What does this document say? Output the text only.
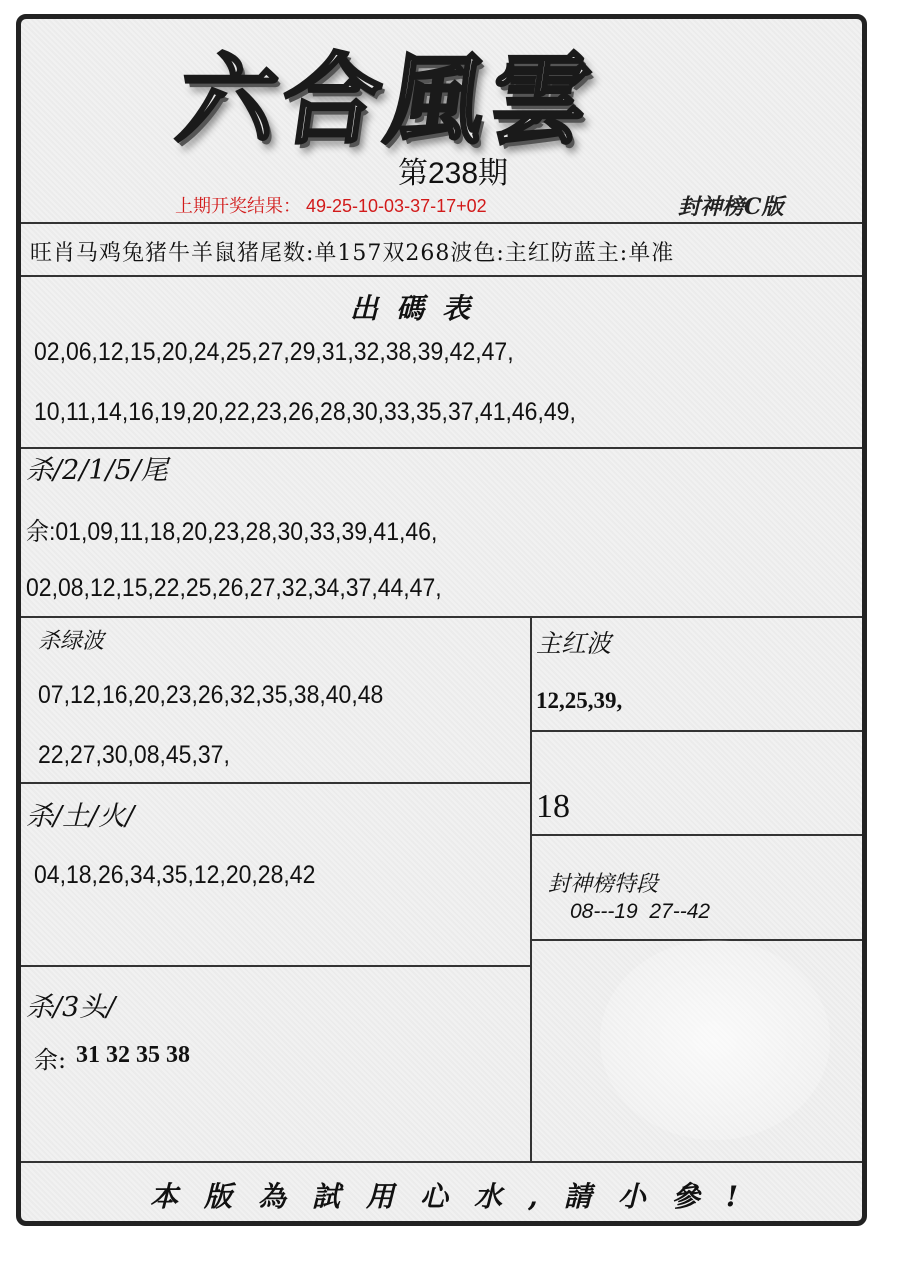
六合風雲
第238期
上期开奖结果： 49-25-10-03-37-17+02	封神榜C版
旺肖马鸡兔猪牛羊鼠猪尾数:单157双268波色:主红防蓝主:单准
出碼表
02,06,12,15,20,24,25,27,29,31,32,38,39,42,47,
10,11,14,16,19,20,22,23,26,28,30,33,35,37,41,46,49,
杀/2/1/5/尾
余:01,09,11,18,20,23,28,30,33,39,41,46,
02,08,12,15,22,25,26,27,32,34,37,44,47,
杀绿波
07,12,16,20,23,26,32,35,38,40,48
22,27,30,08,45,37,
主红波
12,25,39,
18
杀/土/火/
04,18,26,34,35,12,20,28,42	封神榜特段
08---19  27--42
杀/3头/
余: 31 32 35 38
本版為試用心水,請小參!
